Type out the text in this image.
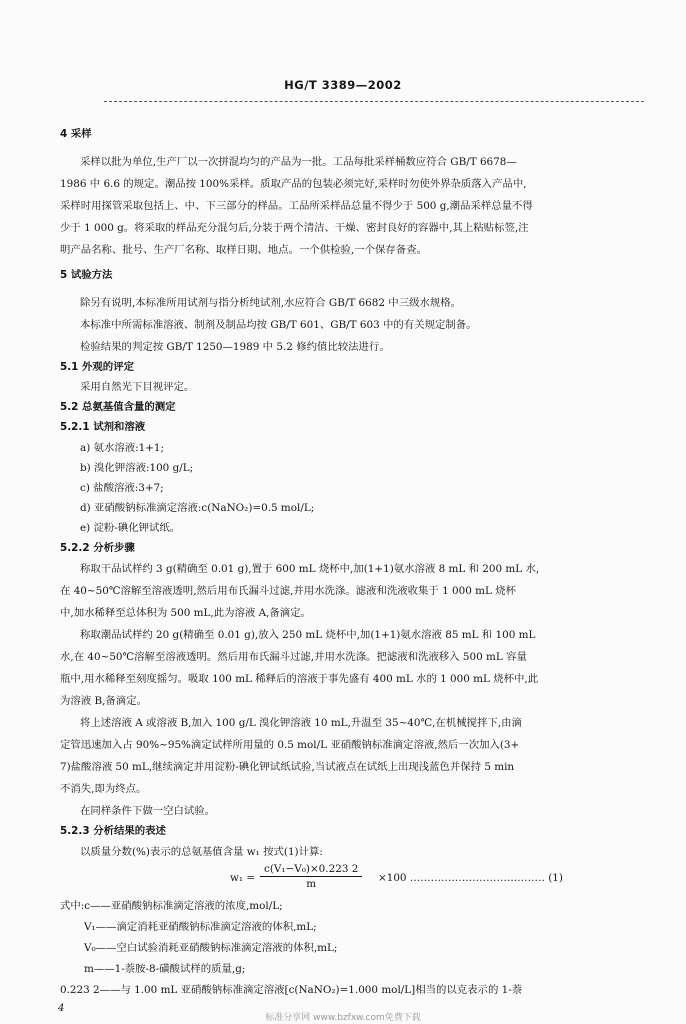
HG/T 3389—2002
4 采样
采样以批为单位,生产厂以一次拼混均匀的产品为一批。工品每批采样桶数应符合 GB/T 6678—
1986 中 6.6 的规定。潮品按 100%采样。质取产品的包装必须完好,采样时勿使外界杂质落入产品中,
采样时用探管采取包括上、中、下三部分的样品。工品所采样品总量不得少于 500 g,潮品采样总量不得
少于 1 000 g。将采取的样品充分混匀后,分装于两个清洁、干燥、密封良好的容器中,其上粘贴标签,注
明产品名称、批号、生产厂名称、取样日期、地点。一个供检验,一个保存备查。
5 试验方法
除另有说明,本标准所用试剂与指分析纯试剂,水应符合 GB/T 6682 中三级水规格。
本标准中所需标准溶液、制剂及制品均按 GB/T 601、GB/T 603 中的有关规定制备。
检验结果的判定按 GB/T 1250—1989 中 5.2 修约值比较法进行。
5.1 外观的评定
采用自然光下目视评定。
5.2 总氨基值含量的测定
5.2.1 试剂和溶液
a) 氨水溶液:1+1;
b) 溴化钾溶液:100 g/L;
c) 盐酸溶液:3+7;
d) 亚硝酸钠标准滴定溶液:c(NaNO₂)=0.5 mol/L;
e) 淀粉-碘化钾试纸。
5.2.2 分析步骤
称取干品试样约 3 g(精确至 0.01 g),置于 600 mL 烧杯中,加(1+1)氨水溶液 8 mL 和 200 mL 水,
在 40~50℃溶解至溶液透明,然后用布氏漏斗过滤,并用水洗涤。滤液和洗液收集于 1 000 mL 烧杯
中,加水稀释至总体积为 500 mL,此为溶液 A,备滴定。
称取潮品试样约 20 g(精确至 0.01 g),放入 250 mL 烧杯中,加(1+1)氨水溶液 85 mL 和 100 mL
水,在 40~50℃溶解至溶液透明。然后用布氏漏斗过滤,并用水洗涤。把滤液和洗液移入 500 mL 容量
瓶中,用水稀释至刻度摇匀。吸取 100 mL 稀释后的溶液于事先盛有 400 mL 水的 1 000 mL 烧杯中,此
为溶液 B,备滴定。
将上述溶液 A 或溶液 B,加入 100 g/L 溴化钾溶液 10 mL,升温至 35~40℃,在机械搅拌下,由滴
定管迅速加入占 90%~95%滴定试样所用量的 0.5 mol/L 亚硝酸钠标准滴定溶液,然后一次加入(3+
7)盐酸溶液 50 mL,继续滴定并用淀粉-碘化钾试纸试验,当试液点在试纸上出现浅蓝色并保持 5 min
不消失,即为终点。
在同样条件下做一空白试验。
5.2.3 分析结果的表述
以质量分数(%)表示的总氨基值含量 w₁ 按式(1)计算:
$w_1 = \frac{\text{c(V₁−V₀)×0.223 2}}{m} \times 100$ ………………………………… (1)
式中:c——亚硝酸钠标准滴定溶液的浓度,mol/L;
V₁——滴定消耗亚硝酸钠标准滴定溶液的体积,mL;
V₀——空白试验消耗亚硝酸钠标准滴定溶液的体积,mL;
m——1-萘胺-8-磺酸试样的质量,g;
0.223 2——与 1.00 mL 亚硝酸钠标准滴定溶液[c(NaNO₂)=1.000 mol/L]相当的以克表示的 1-萘
4
标准分享网 www.bzfxw.com免费下载
